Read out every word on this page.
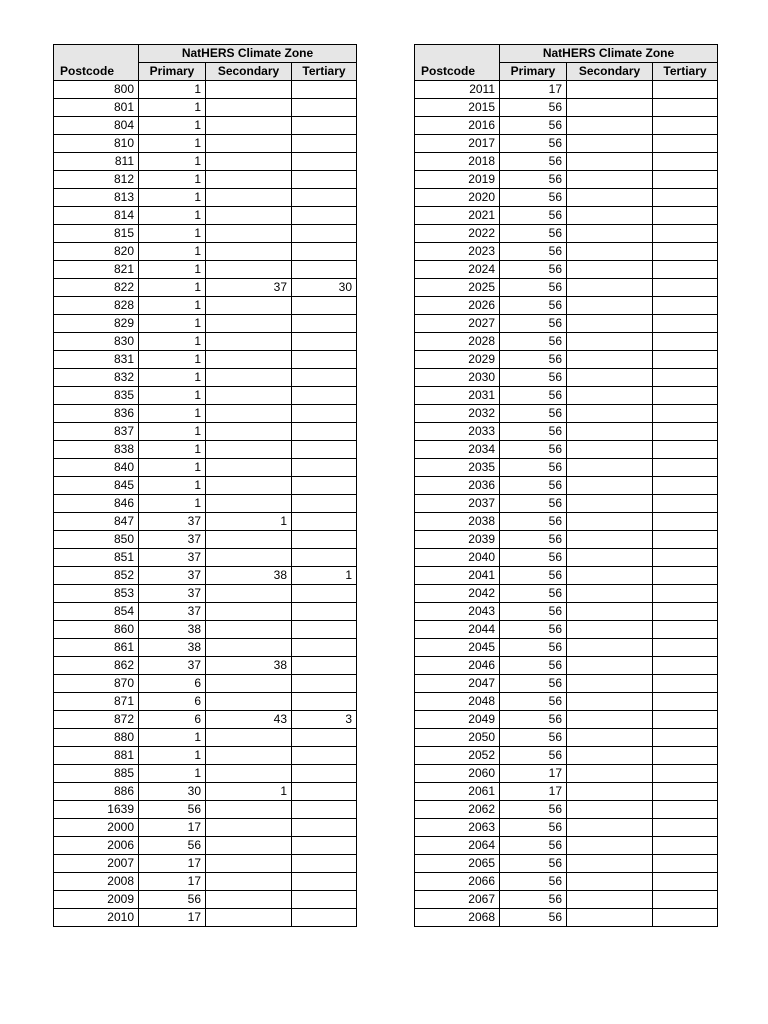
	NatHERS Climate Zone		
Postcode	Primary	Secondary	Tertiary
800	1		
801	1		
804	1		
810	1		
811	1		
812	1		
813	1		
814	1		
815	1		
820	1		
821	1		
822	1	37	30
828	1		
829	1		
830	1		
831	1		
832	1		
835	1		
836	1		
837	1		
838	1		
840	1		
845	1		
846	1		
847	37	1	
850	37		
851	37		
852	37	38	1
853	37		
854	37		
860	38		
861	38		
862	37	38	
870	6		
871	6		
872	6	43	3
880	1		
881	1		
885	1		
886	30	1	
1639	56		
2000	17		
2006	56		
2007	17		
2008	17		
2009	56		
2010	17		
	NatHERS Climate Zone		
Postcode	Primary	Secondary	Tertiary
2011	17		
2015	56		
2016	56		
2017	56		
2018	56		
2019	56		
2020	56		
2021	56		
2022	56		
2023	56		
2024	56		
2025	56		
2026	56		
2027	56		
2028	56		
2029	56		
2030	56		
2031	56		
2032	56		
2033	56		
2034	56		
2035	56		
2036	56		
2037	56		
2038	56		
2039	56		
2040	56		
2041	56		
2042	56		
2043	56		
2044	56		
2045	56		
2046	56		
2047	56		
2048	56		
2049	56		
2050	56		
2052	56		
2060	17		
2061	17		
2062	56		
2063	56		
2064	56		
2065	56		
2066	56		
2067	56		
2068	56		
